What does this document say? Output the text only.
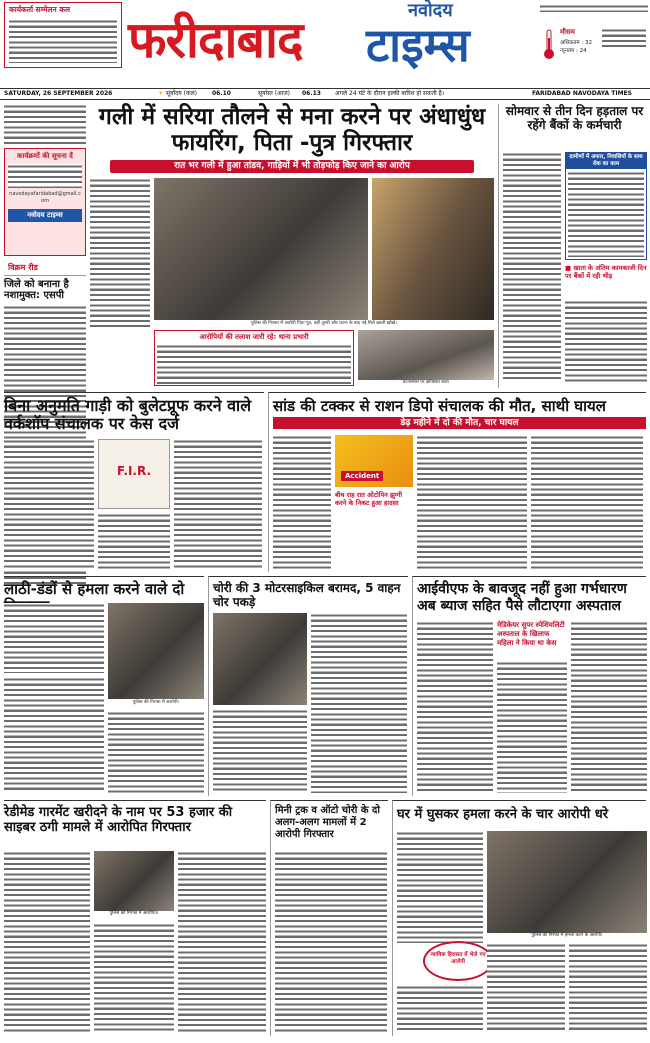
कार्यकर्ता सम्मेलन कल
फरीदाबाद
नवोदय
टाइम्स	मौसम
अधिकतम : 32
न्यूनतम : 24
SATURDAY, 26 SEPTEMBER 2026	☀ सूर्योदय (कल) 06.10	सूर्यास्त (आज) 06.13 अगले 24 घंटे के दौरान हल्की बारिश हो सकती है।	FARIDABAD NAVODAYA TIMES
कार्यक्रमों की सूचना दें
navodayafaridabad@gmail.com
नवोदय टाइम्स
विक्रम रीड
जिले को बनाना है नशामुक्त: एसपी
गली में सरिया तौलने से मना करने पर अंधाधुंध फायरिंग, पिता -पुत्र गिरफ्तार
रात भर गली में हुआ तांडव, गाड़ियों में भी तोड़फोड़ किए जाने का आरोप
पुलिस की गिरफ्त में आरोपी पिता पुत्र, वहीं दूसरी ओर घटना के बाद पड़े मिले खाली खोखे।
आरोपियों की तलाश जारी रहे: थाना प्रभारी
घटनास्थल पर क्षतिग्रस्त कार।
सोमवार से तीन दिन हड़ताल पर रहेंगे बैंकों के कर्मचारी
ग्रामीणों में अफरा, निवासियों के साथ रोक का काम
■ खाता के अंतिम कामकाजी दिन पर बैंकों में रही भीड़
बिना अनुमति गाड़ी को बुलेटप्रूफ करने वाले वर्कशॉप संचालक पर केस दर्ज
F.I.R.
सांड की टक्कर से राशन डिपो संचालक की मौत, साथी घायल
डेढ़ महीने में दो की मौत, चार घायल
Accident
बीच राह रात ओटोपिन झुग्गी करने के निकट हुआ हादसा
लाठी-डंडों से हमला करने वाले दो
पुलिस की गिरफ्त में आरोपी।
चोरी की 3 मोटरसाइकिल बरामद, 5 वाहन चोर पकड़े
आईवीएफ के बावजूद नहीं हुआ गर्भधारण अब ब्याज सहित पैसे लौटाएगा अस्पताल
मेडिकेयर सुपर स्पेशियलिटी अस्पताल के खिलाफ महिला ने किया था केस
रेडीमेड गारमेंट खरीदने के नाम पर 53 हजार की साइबर ठगी मामले में आरोपित गिरफ्तार
पुलिस की गिरफ्त में आरोपित।
मिनी ट्रक व ऑटो चोरी के दो अलग-अलग मामलों में 2 आरोपी गिरफ्तार
घर में घुसकर हमला करने के चार आरोपी धरे
पुलिस की गिरफ्त में हमला करने के आरोपी।
न्यायिक हिरासत में भेजे गए आरोपी
